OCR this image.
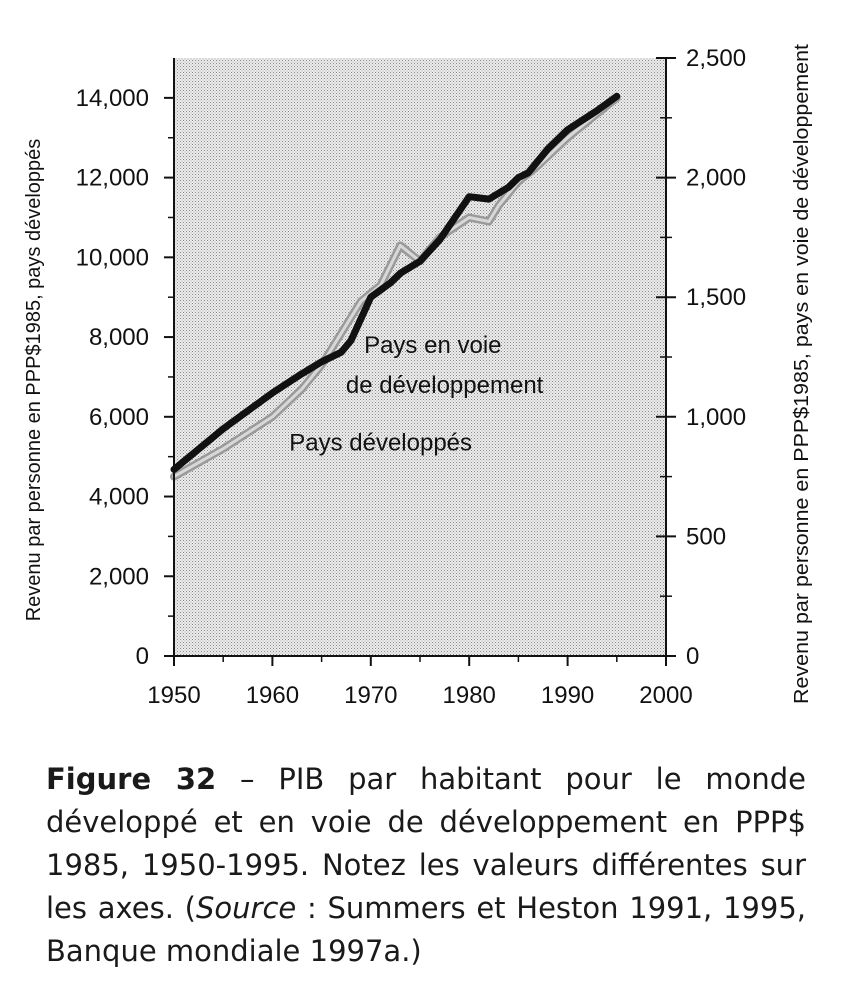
0
2,000
4,000
6,000
8,000
10,000
12,000
14,000
0
500
1,000
1,500
2,000
2,500
1950 1960 1970 1980 1990 2000
Pays en voie
de développement
Pays développés
Revenu par personne en PPP$1985, pays développés	Revenu par personne en PPP$1985, pays en voie de développement
Figure 32 – PIB par habitant pour le monde développé et en voie de développement en PPP$ 1985, 1950-1995. Notez les valeurs différentes sur les axes. (Source : Summers et Heston 1991, 1995, Banque mondiale 1997a.)
